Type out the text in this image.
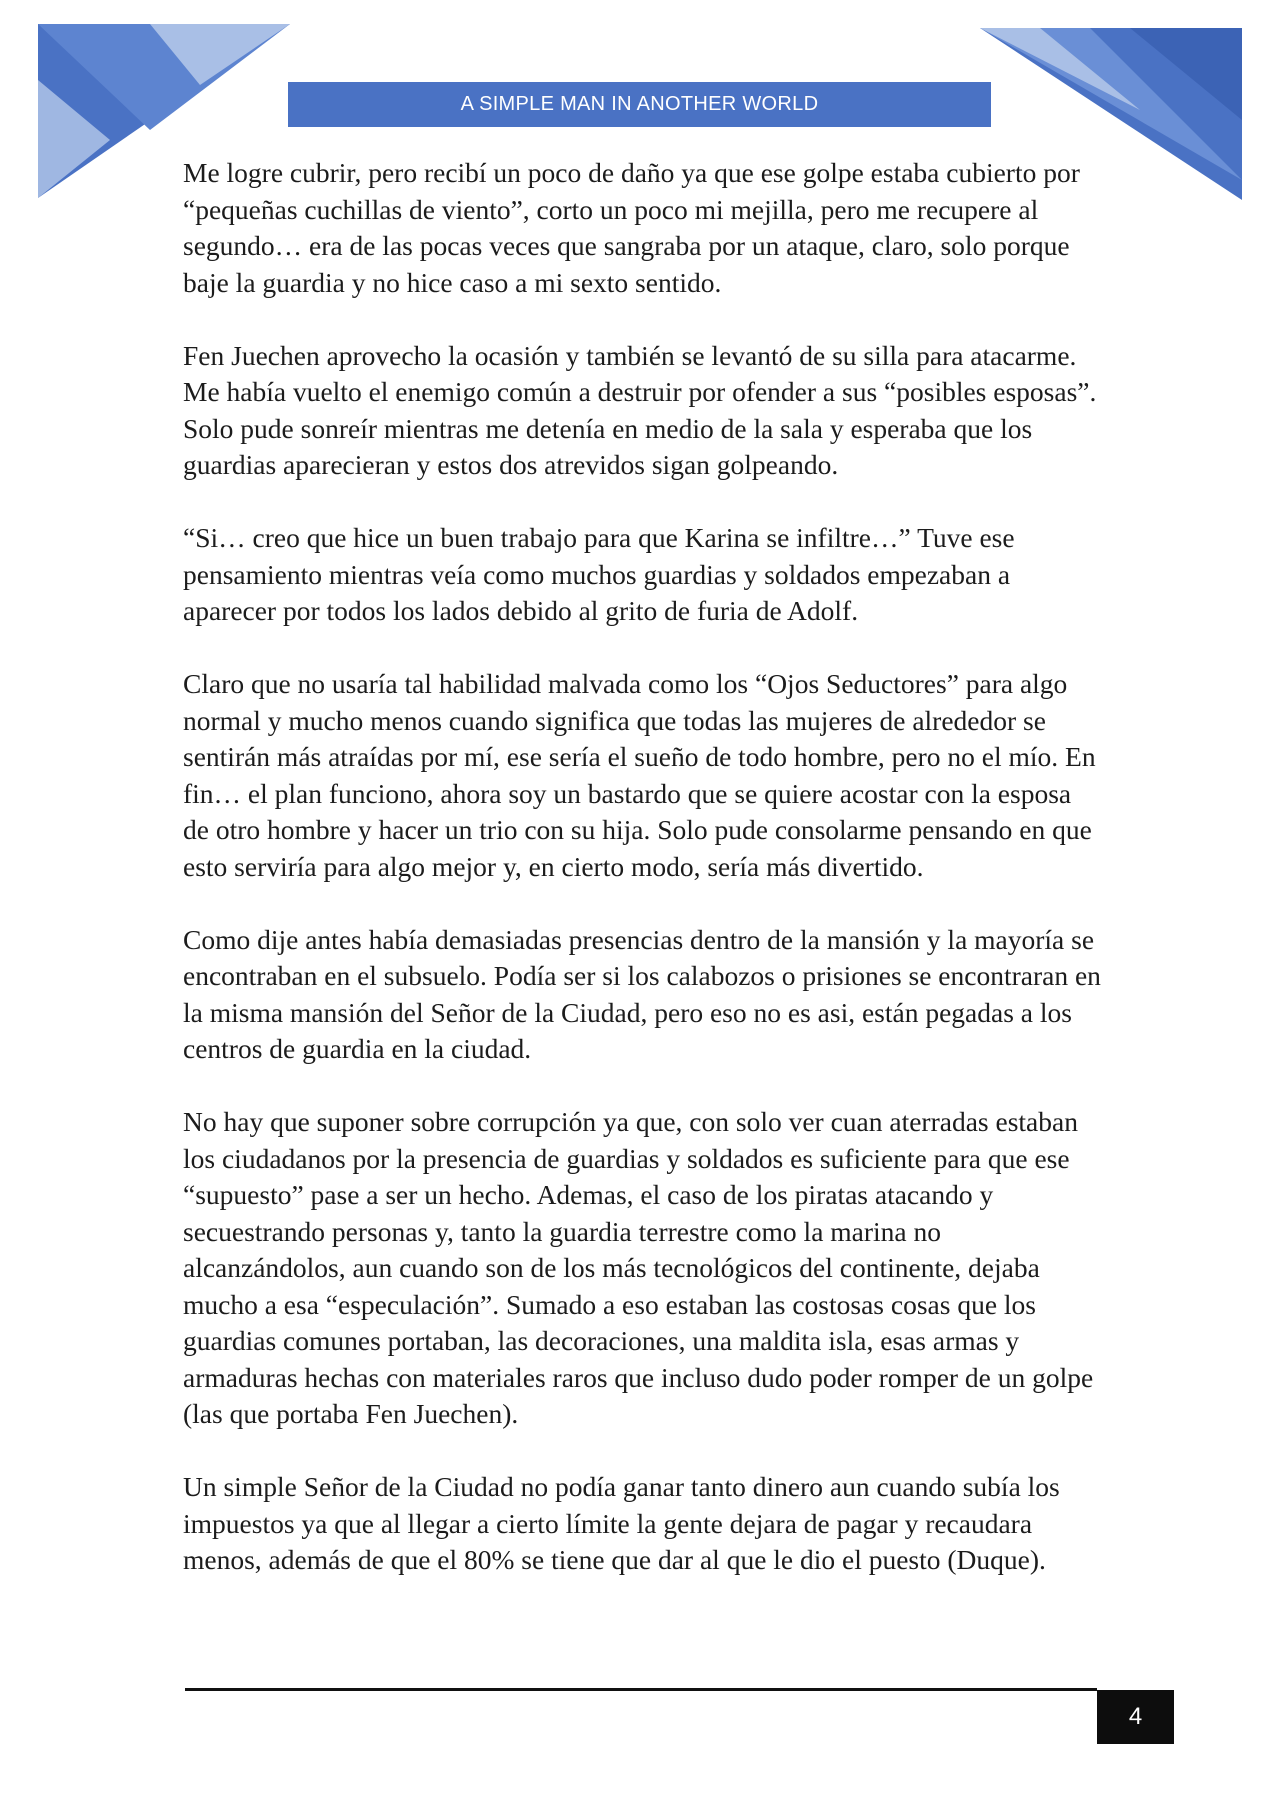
A SIMPLE MAN IN ANOTHER WORLD

Me logre cubrir, pero recibí un poco de daño ya que ese golpe estaba cubierto por “pequeñas cuchillas de viento”, corto un poco mi mejilla, pero me recupere al segundo… era de las pocas veces que sangraba por un ataque, claro, solo porque baje la guardia y no hice caso a mi sexto sentido.

Fen Juechen aprovecho la ocasión y también se levantó de su silla para atacarme. Me había vuelto el enemigo común a destruir por ofender a sus “posibles esposas”. Solo pude sonreír mientras me detenía en medio de la sala y esperaba que los guardias aparecieran y estos dos atrevidos sigan golpeando.

“Si… creo que hice un buen trabajo para que Karina se infiltre…” Tuve ese pensamiento mientras veía como muchos guardias y soldados empezaban a aparecer por todos los lados debido al grito de furia de Adolf.

Claro que no usaría tal habilidad malvada como los “Ojos Seductores” para algo normal y mucho menos cuando significa que todas las mujeres de alrededor se sentirán más atraídas por mí, ese sería el sueño de todo hombre, pero no el mío. En fin… el plan funciono, ahora soy un bastardo que se quiere acostar con la esposa de otro hombre y hacer un trio con su hija. Solo pude consolarme pensando en que esto serviría para algo mejor y, en cierto modo, sería más divertido.

Como dije antes había demasiadas presencias dentro de la mansión y la mayoría se encontraban en el subsuelo. Podía ser si los calabozos o prisiones se encontraran en la misma mansión del Señor de la Ciudad, pero eso no es asi, están pegadas a los centros de guardia en la ciudad.

No hay que suponer sobre corrupción ya que, con solo ver cuan aterradas estaban los ciudadanos por la presencia de guardias y soldados es suficiente para que ese “supuesto” pase a ser un hecho. Ademas, el caso de los piratas atacando y secuestrando personas y, tanto la guardia terrestre como la marina no alcanzándolos, aun cuando son de los más tecnológicos del continente, dejaba mucho a esa “especulación”. Sumado a eso estaban las costosas cosas que los guardias comunes portaban, las decoraciones, una maldita isla, esas armas y armaduras hechas con materiales raros que incluso dudo poder romper de un golpe (las que portaba Fen Juechen).

Un simple Señor de la Ciudad no podía ganar tanto dinero aun cuando subía los impuestos ya que al llegar a cierto límite la gente dejara de pagar y recaudara menos, además de que el 80% se tiene que dar al que le dio el puesto (Duque).

4
